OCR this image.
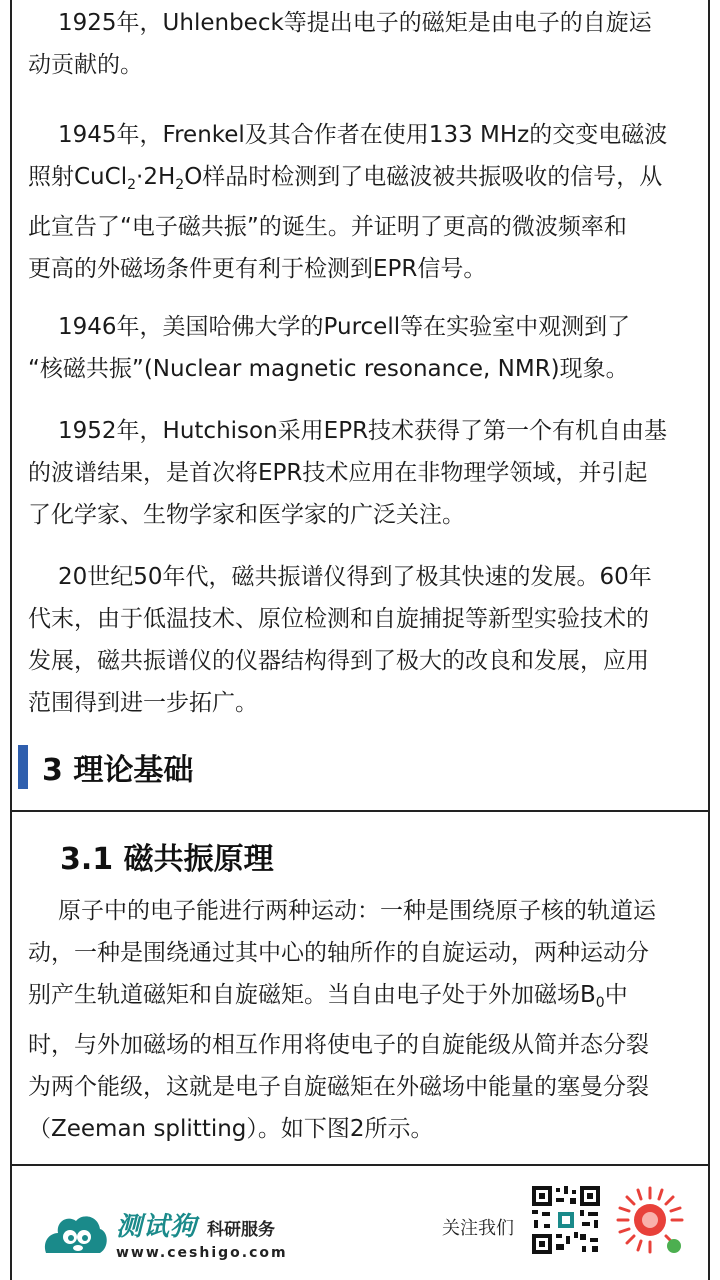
1925年，Uhlenbeck等提出电子的磁矩是由电子的自旋运
动贡献的。

1945年，Frenkel及其合作者在使用133 MHz的交变电磁波
照射$CuCl_2\cdot 2H_2O$样品时检测到了电磁波被共振吸收的信号，从
此宣告了“电子磁共振”的诞生。并证明了更高的微波频率和
更高的外磁场条件更有利于检测到EPR信号。

1946年，美国哈佛大学的Purcell等在实验室中观测到了
“核磁共振”(Nuclear magnetic resonance, NMR)现象。

1952年，Hutchison采用EPR技术获得了第一个有机自由基
的波谱结果，是首次将EPR技术应用在非物理学领域，并引起
了化学家、生物学家和医学家的广泛关注。

20世纪50年代，磁共振谱仪得到了极其快速的发展。60年
代末，由于低温技术、原位检测和自旋捕捉等新型实验技术的
发展，磁共振谱仪的仪器结构得到了极大的改良和发展，应用
范围得到进一步拓广。

3 理论基础
3.1 磁共振原理

原子中的电子能进行两种运动：一种是围绕原子核的轨道运
动，一种是围绕通过其中心的轴所作的自旋运动，两种运动分
别产生轨道磁矩和自旋磁矩。当自由电子处于外加磁场$B_0$中
时，与外加磁场的相互作用将使电子的自旋能级从简并态分裂
为两个能级，这就是电子自旋磁矩在外磁场中能量的塞曼分裂
（Zeeman splitting）。如下图2所示。

测试狗 科研服务
www.ceshigo.com
关注我们
